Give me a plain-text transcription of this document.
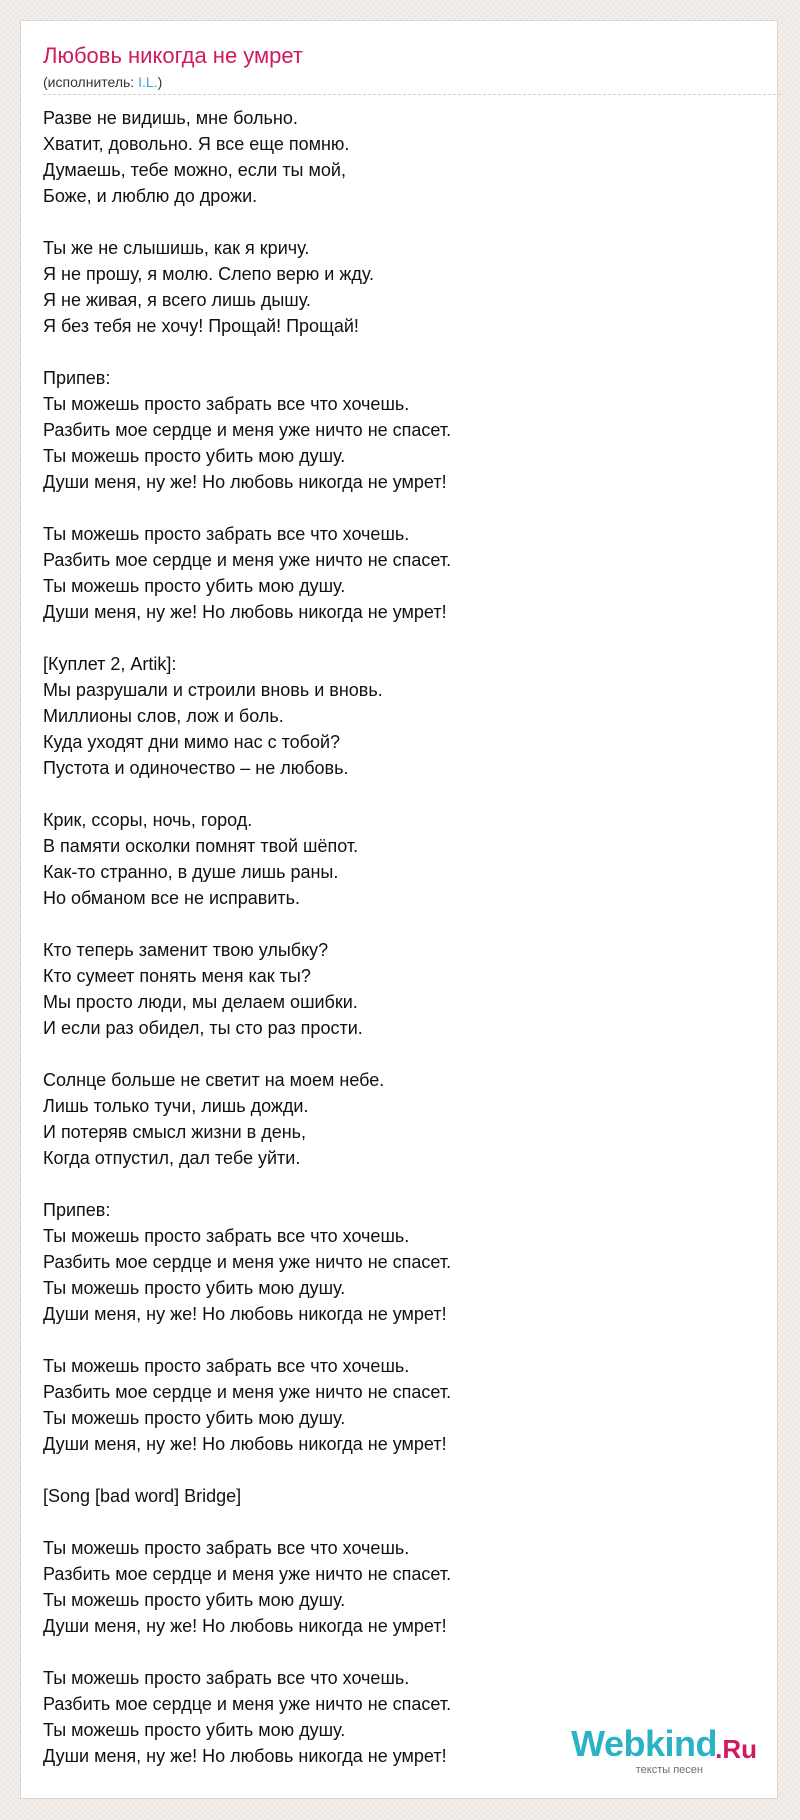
Любовь никогда не умрет
(исполнитель: I.L.)
Разве не видишь, мне больно.
Хватит, довольно. Я все еще помню.
Думаешь, тебе можно, если ты мой,
Боже, и люблю до дрожи.
Ты же не слышишь, как я кричу.
Я не прошу, я молю. Слепо верю и жду.
Я не живая, я всего лишь дышу.
Я без тебя не хочу! Прощай! Прощай!
Припев:
Ты можешь просто забрать все что хочешь.
Разбить мое сердце и меня уже ничто не спасет.
Ты можешь просто убить мою душу.
Души меня, ну же! Но любовь никогда не умрет!
Ты можешь просто забрать все что хочешь.
Разбить мое сердце и меня уже ничто не спасет.
Ты можешь просто убить мою душу.
Души меня, ну же! Но любовь никогда не умрет!
[Куплет 2, Artik]:
Мы разрушали и строили вновь и вновь.
Миллионы слов, лож и боль.
Куда уходят дни мимо нас с тобой?
Пустота и одиночество – не любовь.
Крик, ссоры, ночь, город.
В памяти осколки помнят твой шёпот.
Как-то странно, в душе лишь раны.
Но обманом все не исправить.
Кто теперь заменит твою улыбку?
Кто сумеет понять меня как ты?
Мы просто люди, мы делаем ошибки.
И если раз обидел, ты сто раз прости.
Солнце больше не светит на моем небе.
Лишь только тучи, лишь дожди.
И потеряв смысл жизни в день,
Когда отпустил, дал тебе уйти.
Припев:
Ты можешь просто забрать все что хочешь.
Разбить мое сердце и меня уже ничто не спасет.
Ты можешь просто убить мою душу.
Души меня, ну же! Но любовь никогда не умрет!
Ты можешь просто забрать все что хочешь.
Разбить мое сердце и меня уже ничто не спасет.
Ты можешь просто убить мою душу.
Души меня, ну же! Но любовь никогда не умрет!
[Song [bad word] Bridge]
Ты можешь просто забрать все что хочешь.
Разбить мое сердце и меня уже ничто не спасет.
Ты можешь просто убить мою душу.
Души меня, ну же! Но любовь никогда не умрет!
Ты можешь просто забрать все что хочешь.
Разбить мое сердце и меня уже ничто не спасет.
Ты можешь просто убить мою душу.
Души меня, ну же! Но любовь никогда не умрет!	Webkind
.Ru
тексты песен
